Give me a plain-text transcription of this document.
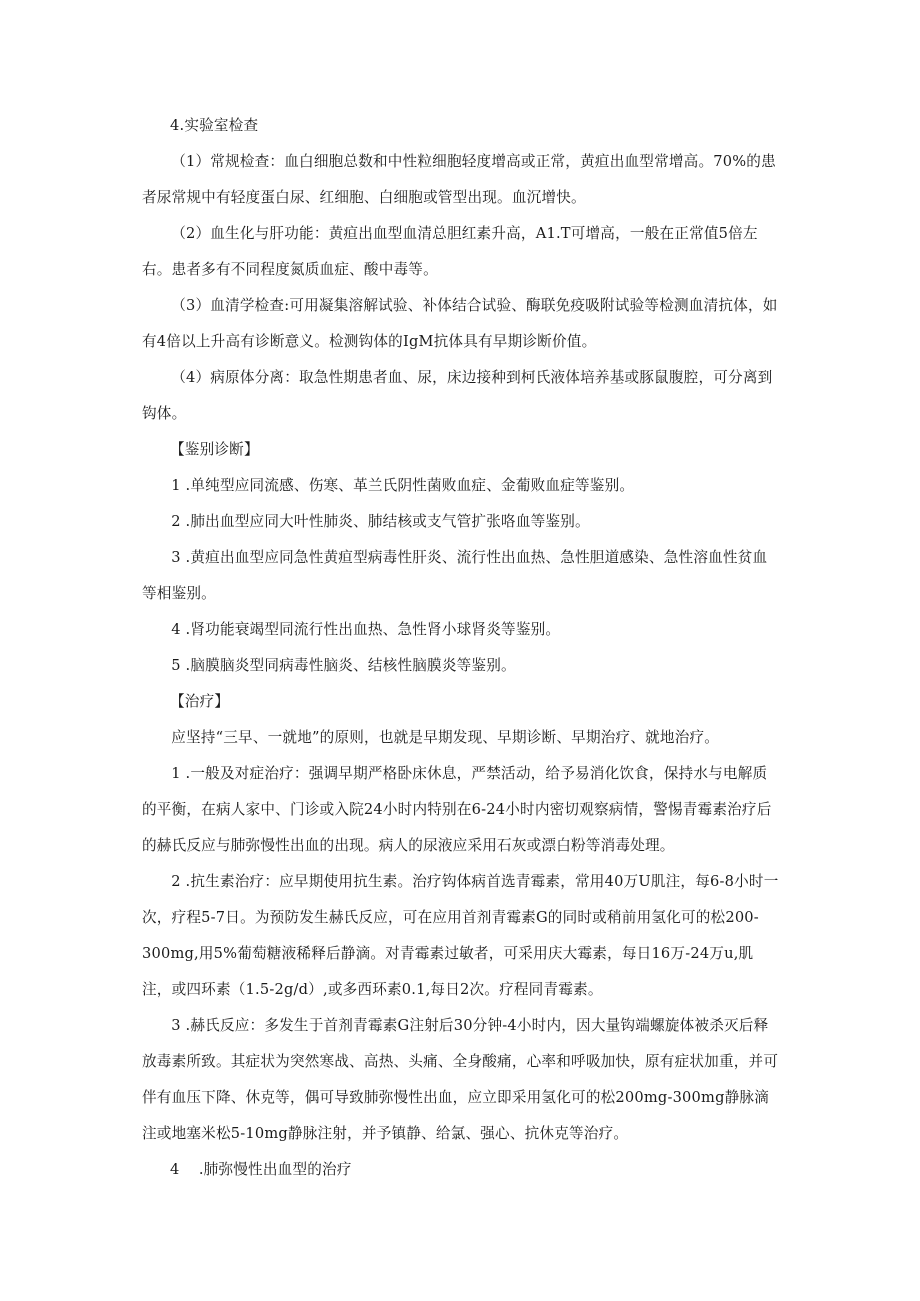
4.实验室检查

（1）常规检查：血白细胞总数和中性粒细胞轻度增高或正常，黄疸出血型常增高。70%的患者尿常规中有轻度蛋白尿、红细胞、白细胞或管型出现。血沉增快。

（2）血生化与肝功能：黄疸出血型血清总胆红素升高，A1.T可增高，一般在正常值5倍左右。患者多有不同程度氮质血症、酸中毒等。

（3）血清学检查:可用凝集溶解试验、补体结合试验、酶联免疫吸附试验等检测血清抗体，如有4倍以上升高有诊断意义。检测钩体的IgM抗体具有早期诊断价值。

（4）病原体分离：取急性期患者血、尿，床边接种到柯氏液体培养基或豚鼠腹腔，可分离到钩体。

【鉴别诊断】

1 .单纯型应同流感、伤寒、革兰氏阴性菌败血症、金葡败血症等鉴别。

2 .肺出血型应同大叶性肺炎、肺结核或支气管扩张咯血等鉴别。

3 .黄疸出血型应同急性黄疸型病毒性肝炎、流行性出血热、急性胆道感染、急性溶血性贫血等相鉴别。

4 .肾功能衰竭型同流行性出血热、急性肾小球肾炎等鉴别。

5 .脑膜脑炎型同病毒性脑炎、结核性脑膜炎等鉴别。

【治疗】

应坚持“三早、一就地”的原则，也就是早期发现、早期诊断、早期治疗、就地治疗。

1 .一般及对症治疗：强调早期严格卧床休息，严禁活动，给予易消化饮食，保持水与电解质的平衡，在病人家中、门诊或入院24小时内特别在6-24小时内密切观察病情，警惕青霉素治疗后的赫氏反应与肺弥慢性出血的出现。病人的尿液应采用石灰或漂白粉等消毒处理。

2 .抗生素治疗：应早期使用抗生素。治疗钩体病首选青霉素，常用40万U肌注，每6-8小时一次，疗程5-7日。为预防发生赫氏反应，可在应用首剂青霉素G的同时或稍前用氢化可的松200-300mg,用5%葡萄糖液稀释后静滴。对青霉素过敏者，可采用庆大霉素，每日16万-24万u,肌注，或四环素（1.5-2g/d）,或多西环素0.1,每日2次。疗程同青霉素。

3 .赫氏反应：多发生于首剂青霉素G注射后30分钟-4小时内，因大量钩端螺旋体被杀灭后释放毒素所致。其症状为突然寒战、高热、头痛、全身酸痛，心率和呼吸加快，原有症状加重，并可伴有血压下降、休克等，偶可导致肺弥慢性出血，应立即采用氢化可的松200mg-300mg静脉滴注或地塞米松5-10mg静脉注射，并予镇静、给氯、强心、抗休克等治疗。

4    .肺弥慢性出血型的治疗
